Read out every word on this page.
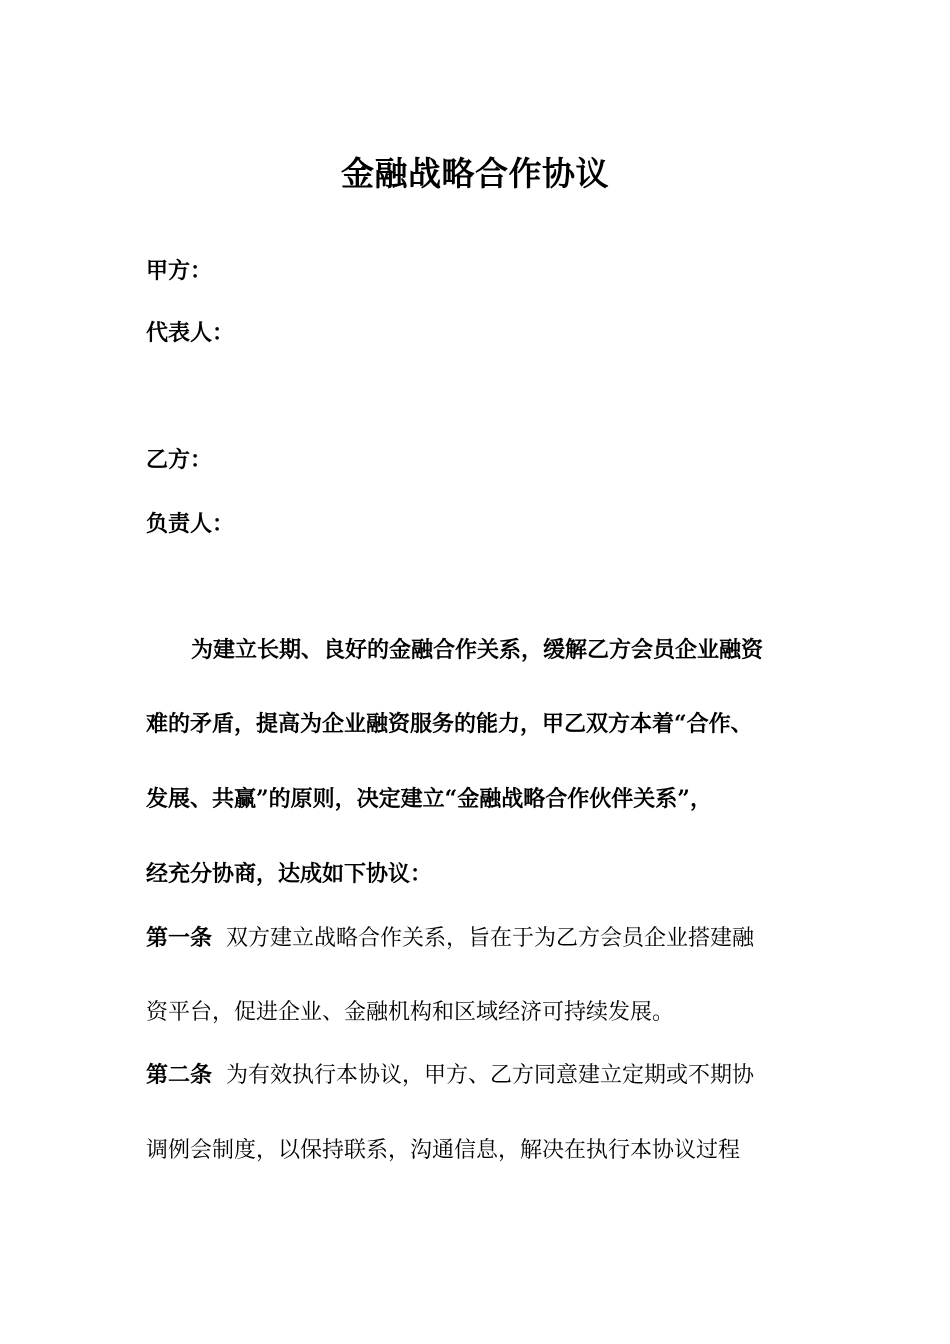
金融战略合作协议
甲方：
代表人：
乙方：
负责人：
为建立长期、良好的金融合作关系，缓解乙方会员企业融资
难的矛盾，提高为企业融资服务的能力，甲乙双方本着“合作、
发展、共赢”的原则，决定建立“金融战略合作伙伴关系”，
经充分协商，达成如下协议：
第一条 双方建立战略合作关系，旨在于为乙方会员企业搭建融
资平台，促进企业、金融机构和区域经济可持续发展。
第二条 为有效执行本协议，甲方、乙方同意建立定期或不期协
调例会制度，以保持联系，沟通信息，解决在执行本协议过程
